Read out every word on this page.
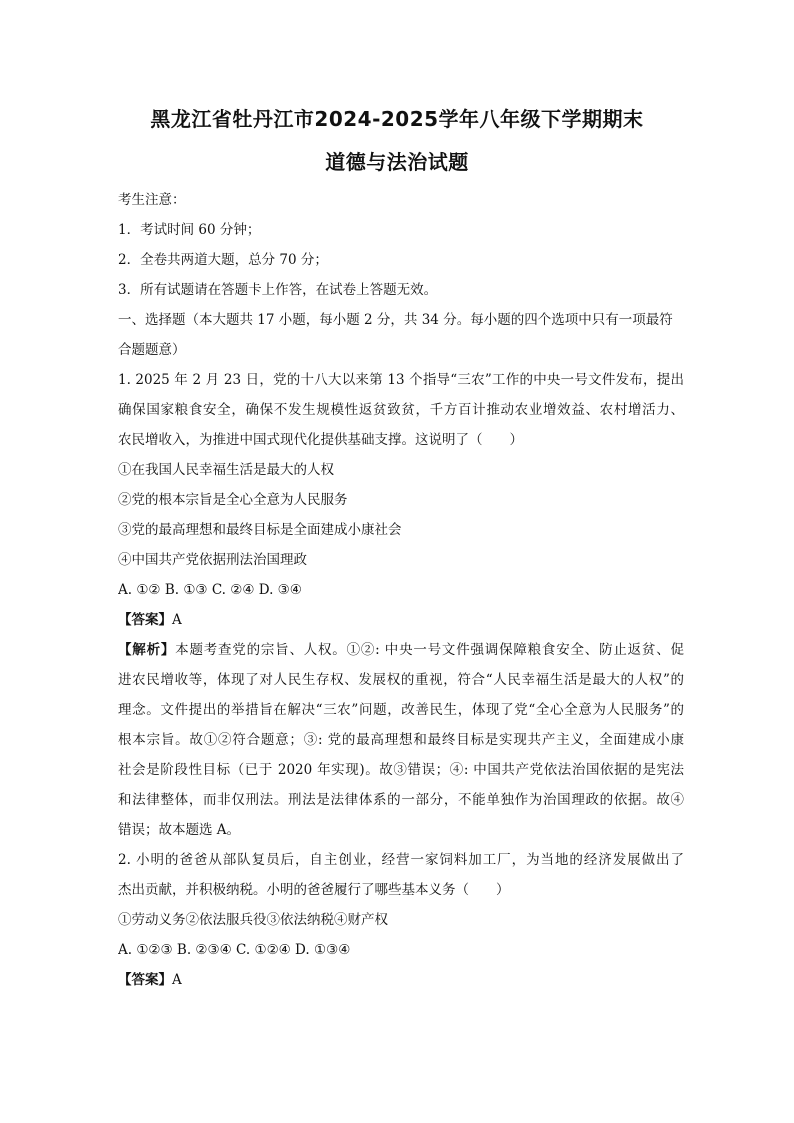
黑龙江省牡丹江市2024-2025学年八年级下学期期末
道德与法治试题
考生注意：
1．考试时间 60 分钟；
2．全卷共两道大题，总分 70 分；
3．所有试题请在答题卡上作答，在试卷上答题无效。
一、选择题（本大题共 17 小题，每小题 2 分，共 34 分。每小题的四个选项中只有一项最符
合题题意）
1. 2025 年 2 月 23 日，党的十八大以来第 13 个指导“三农”工作的中央一号文件发布，提出
确保国家粮食安全，确保不发生规模性返贫致贫，千方百计推动农业增效益、农村增活力、
农民增收入，为推进中国式现代化提供基础支撑。这说明了（　　）
①在我国人民幸福生活是最大的人权
②党的根本宗旨是全心全意为人民服务
③党的最高理想和最终目标是全面建成小康社会
④中国共产党依据刑法治国理政
A. ①② B. ①③ C. ②④ D. ③④
【答案】A
【解析】本题考查党的宗旨、人权。①②: 中央一号文件强调保障粮食安全、防止返贫、促
进农民增收等，体现了对人民生存权、发展权的重视，符合“人民幸福生活是最大的人权”的
理念。文件提出的举措旨在解决“三农”问题，改善民生，体现了党“全心全意为人民服务”的
根本宗旨。故①②符合题意；③: 党的最高理想和最终目标是实现共产主义，全面建成小康
社会是阶段性目标（已于 2020 年实现)。故③错误；④: 中国共产党依法治国依据的是宪法
和法律整体，而非仅刑法。刑法是法律体系的一部分，不能单独作为治国理政的依据。故④
错误；故本题选 A。
2. 小明的爸爸从部队复员后，自主创业，经营一家饲料加工厂，为当地的经济发展做出了
杰出贡献，并积极纳税。小明的爸爸履行了哪些基本义务（　　）
①劳动义务②依法服兵役③依法纳税④财产权
A. ①②③ B. ②③④ C. ①②④ D. ①③④
【答案】A
